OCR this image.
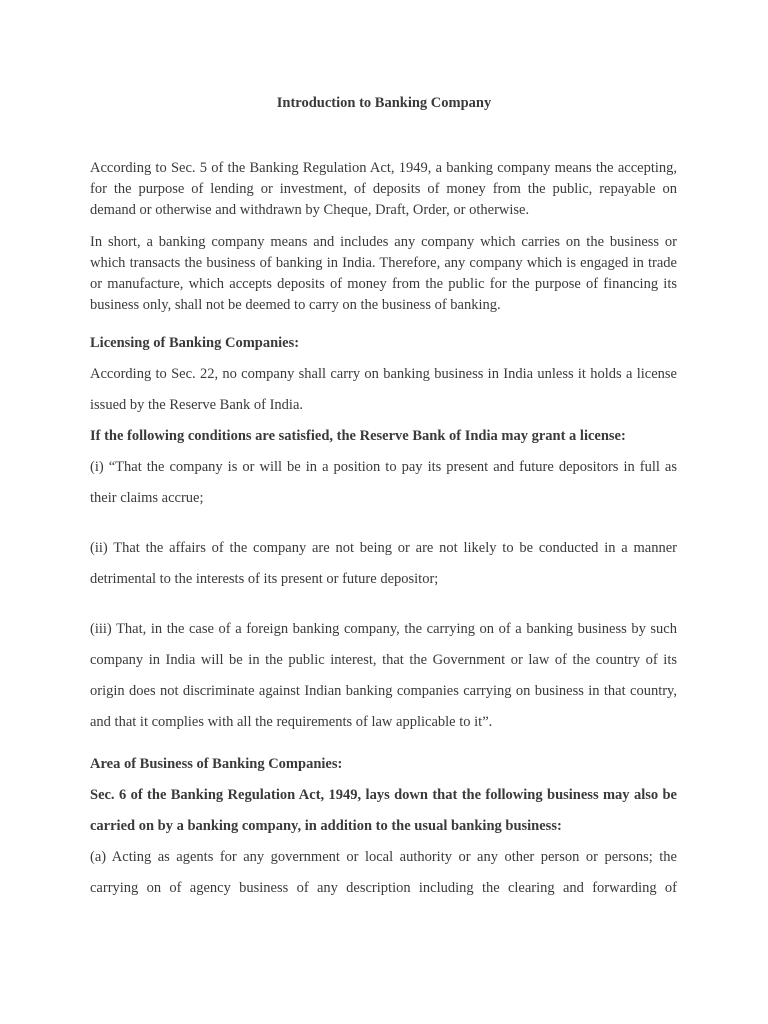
Introduction to Banking Company

According to Sec. 5 of the Banking Regulation Act, 1949, a banking company means the accepting, for the purpose of lending or investment, of deposits of money from the public, repayable on demand or otherwise and withdrawn by Cheque, Draft, Order, or otherwise.

In short, a banking company means and includes any company which carries on the business or which transacts the business of banking in India. Therefore, any company which is engaged in trade or manufacture, which accepts deposits of money from the public for the purpose of financing its business only, shall not be deemed to carry on the business of banking.

Licensing of Banking Companies:

According to Sec. 22, no company shall carry on banking business in India unless it holds a license issued by the Reserve Bank of India.

If the following conditions are satisfied, the Reserve Bank of India may grant a license:

(i) “That the company is or will be in a position to pay its present and future depositors in full as their claims accrue;

(ii) That the affairs of the company are not being or are not likely to be conducted in a manner detrimental to the interests of its present or future depositor;

(iii) That, in the case of a foreign banking company, the carrying on of a banking business by such company in India will be in the public interest, that the Government or law of the country of its origin does not discriminate against Indian banking companies carrying on business in that country, and that it complies with all the requirements of law applicable to it”.

Area of Business of Banking Companies:

Sec. 6 of the Banking Regulation Act, 1949, lays down that the following business may also be carried on by a banking company, in addition to the usual banking business:

(a) Acting as agents for any government or local authority or any other person or persons; the carrying on of agency business of any description including the clearing and forwarding of
